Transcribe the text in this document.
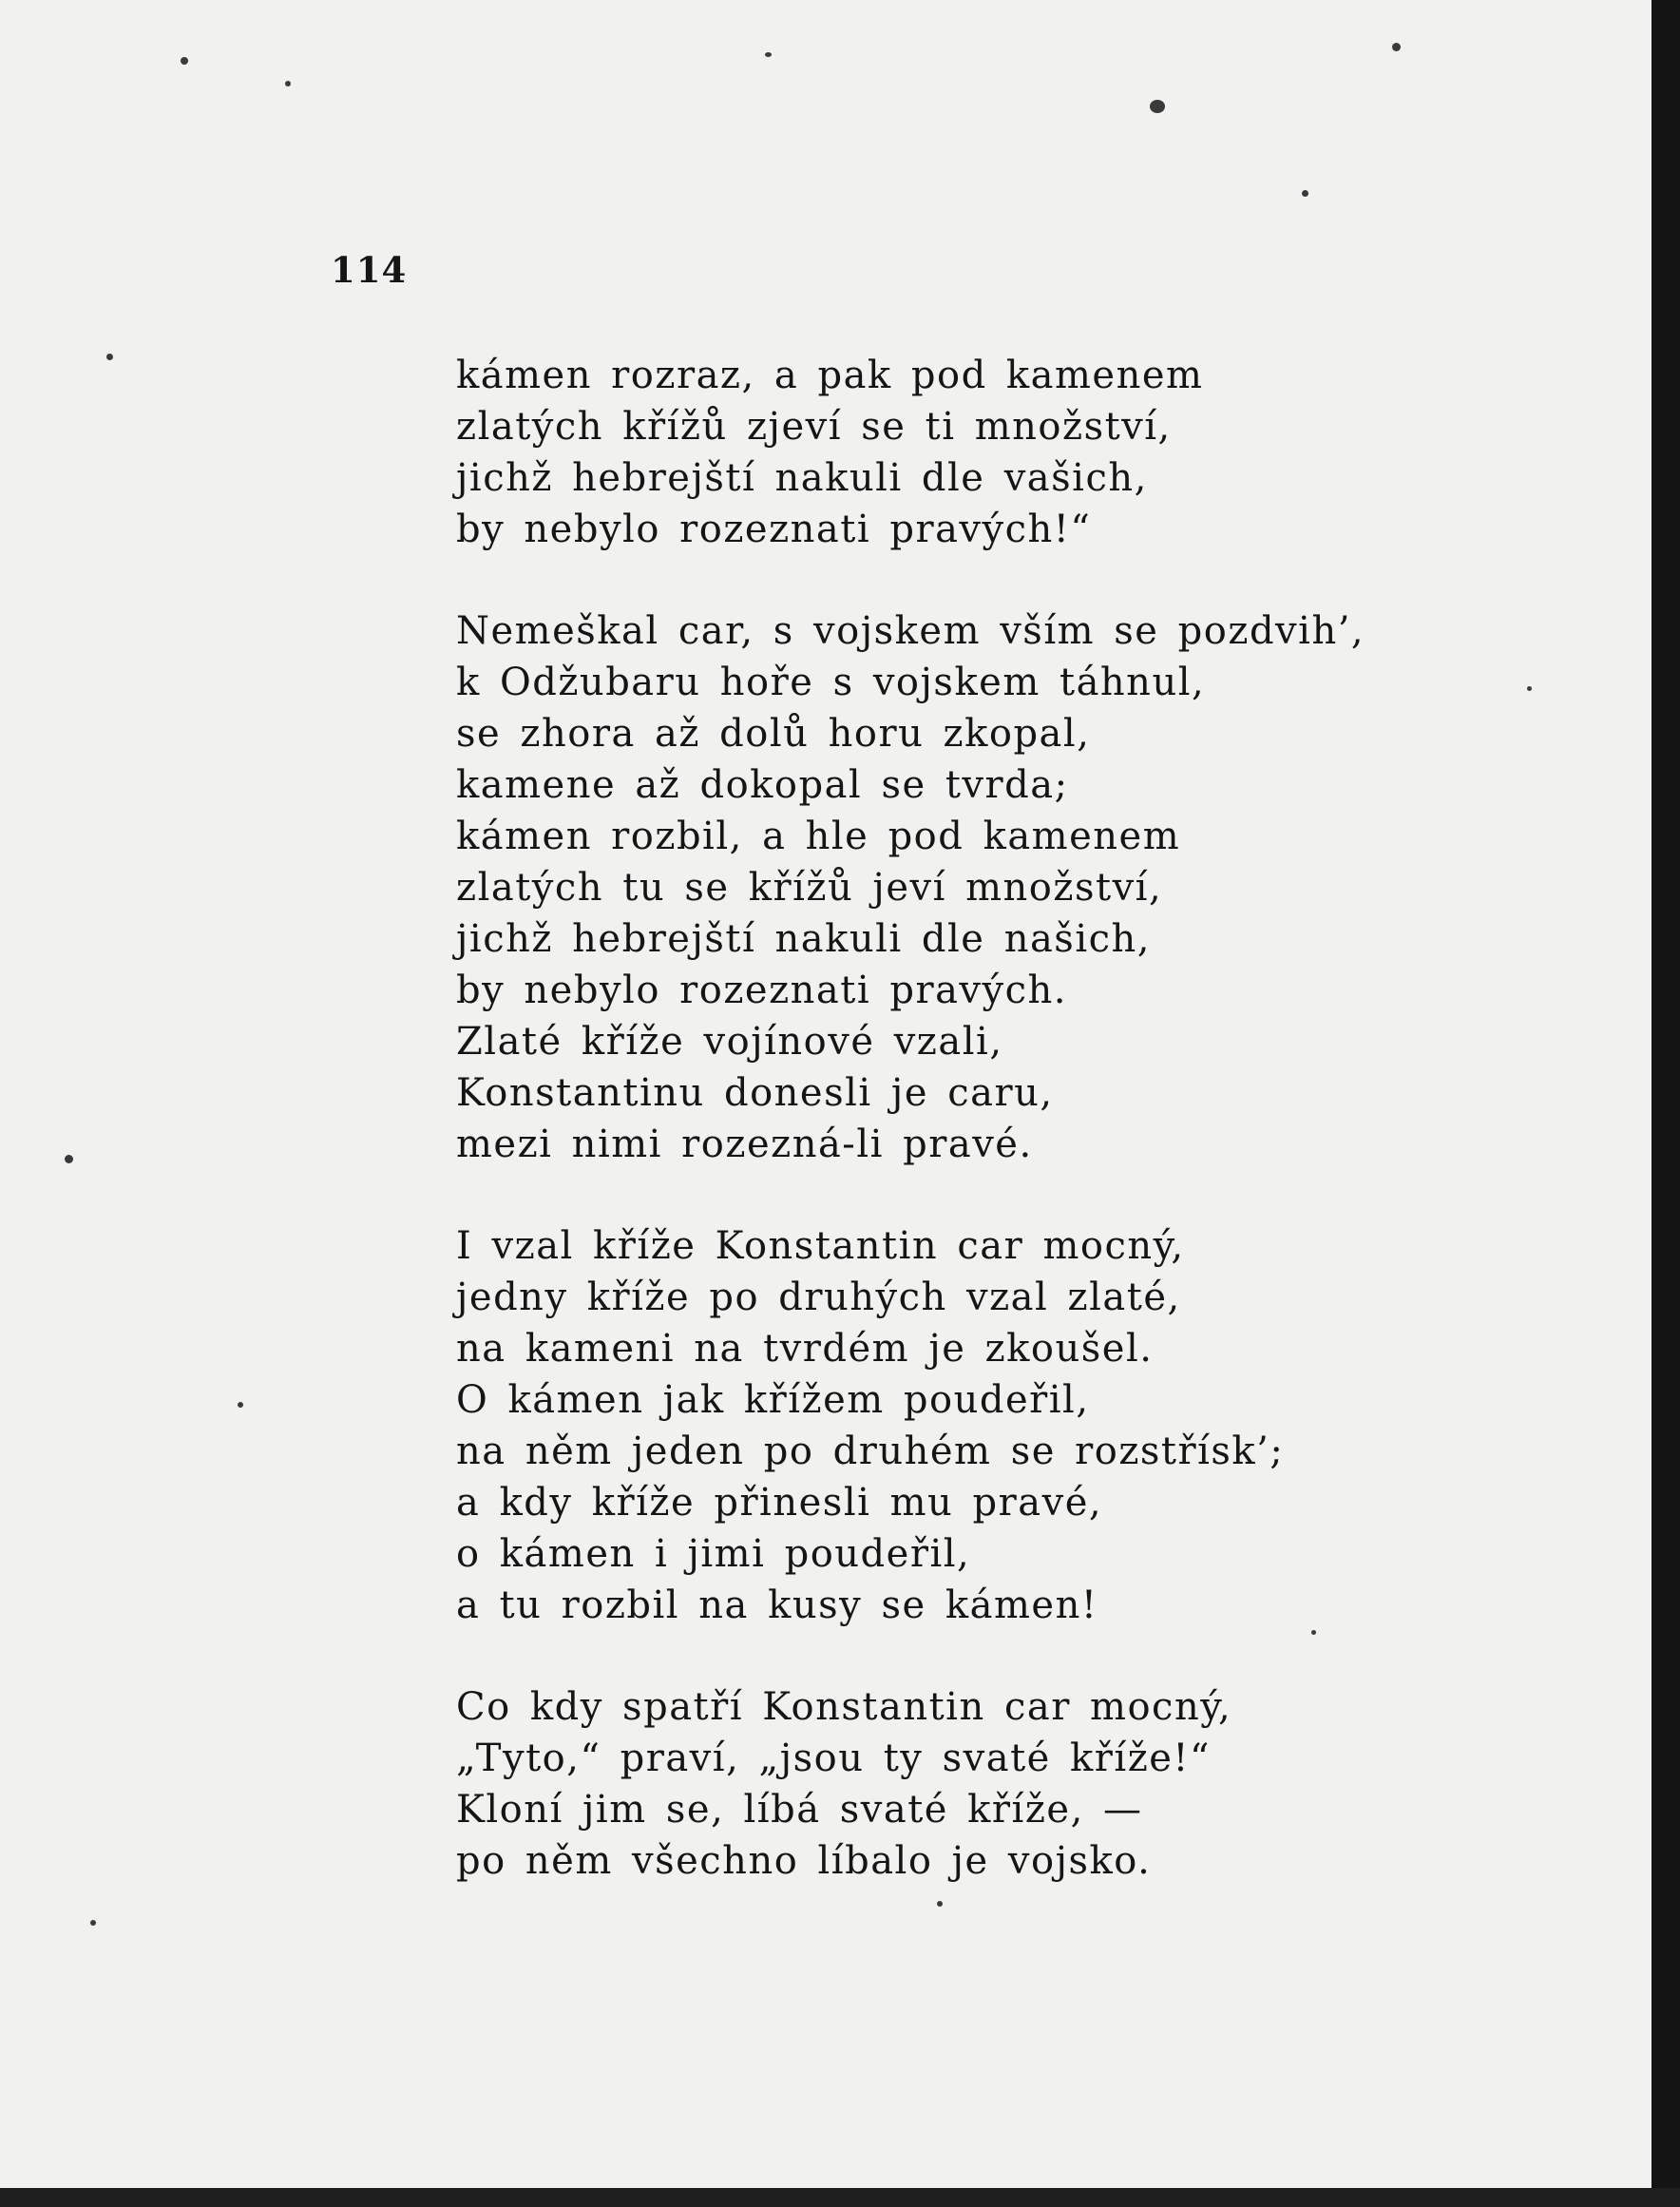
114
kámen rozraz, a pak pod kamenem
zlatých křížů zjeví se ti množství,
jichž hebrejští nakuli dle vašich,
by nebylo rozeznati pravých!“
Nemeškal car, s vojskem vším se pozdvih’,
k Odžubaru hoře s vojskem táhnul,
se zhora až dolů horu zkopal,
kamene až dokopal se tvrda;
kámen rozbil, a hle pod kamenem
zlatých tu se křížů jeví množství,
jichž hebrejští nakuli dle našich,
by nebylo rozeznati pravých.
Zlaté kříže vojínové vzali,
Konstantinu donesli je caru,
mezi nimi rozezná-li pravé.
I vzal kříže Konstantin car mocný,
jedny kříže po druhých vzal zlaté,
na kameni na tvrdém je zkoušel.
O kámen jak křížem poudeřil,
na něm jeden po druhém se rozstřísk’;
a kdy kříže přinesli mu pravé,
o kámen i jimi poudeřil,
a tu rozbil na kusy se kámen!
Co kdy spatří Konstantin car mocný,
„Tyto,“ praví, „jsou ty svaté kříže!“
Kloní jim se, líbá svaté kříže, —
po něm všechno líbalo je vojsko.
